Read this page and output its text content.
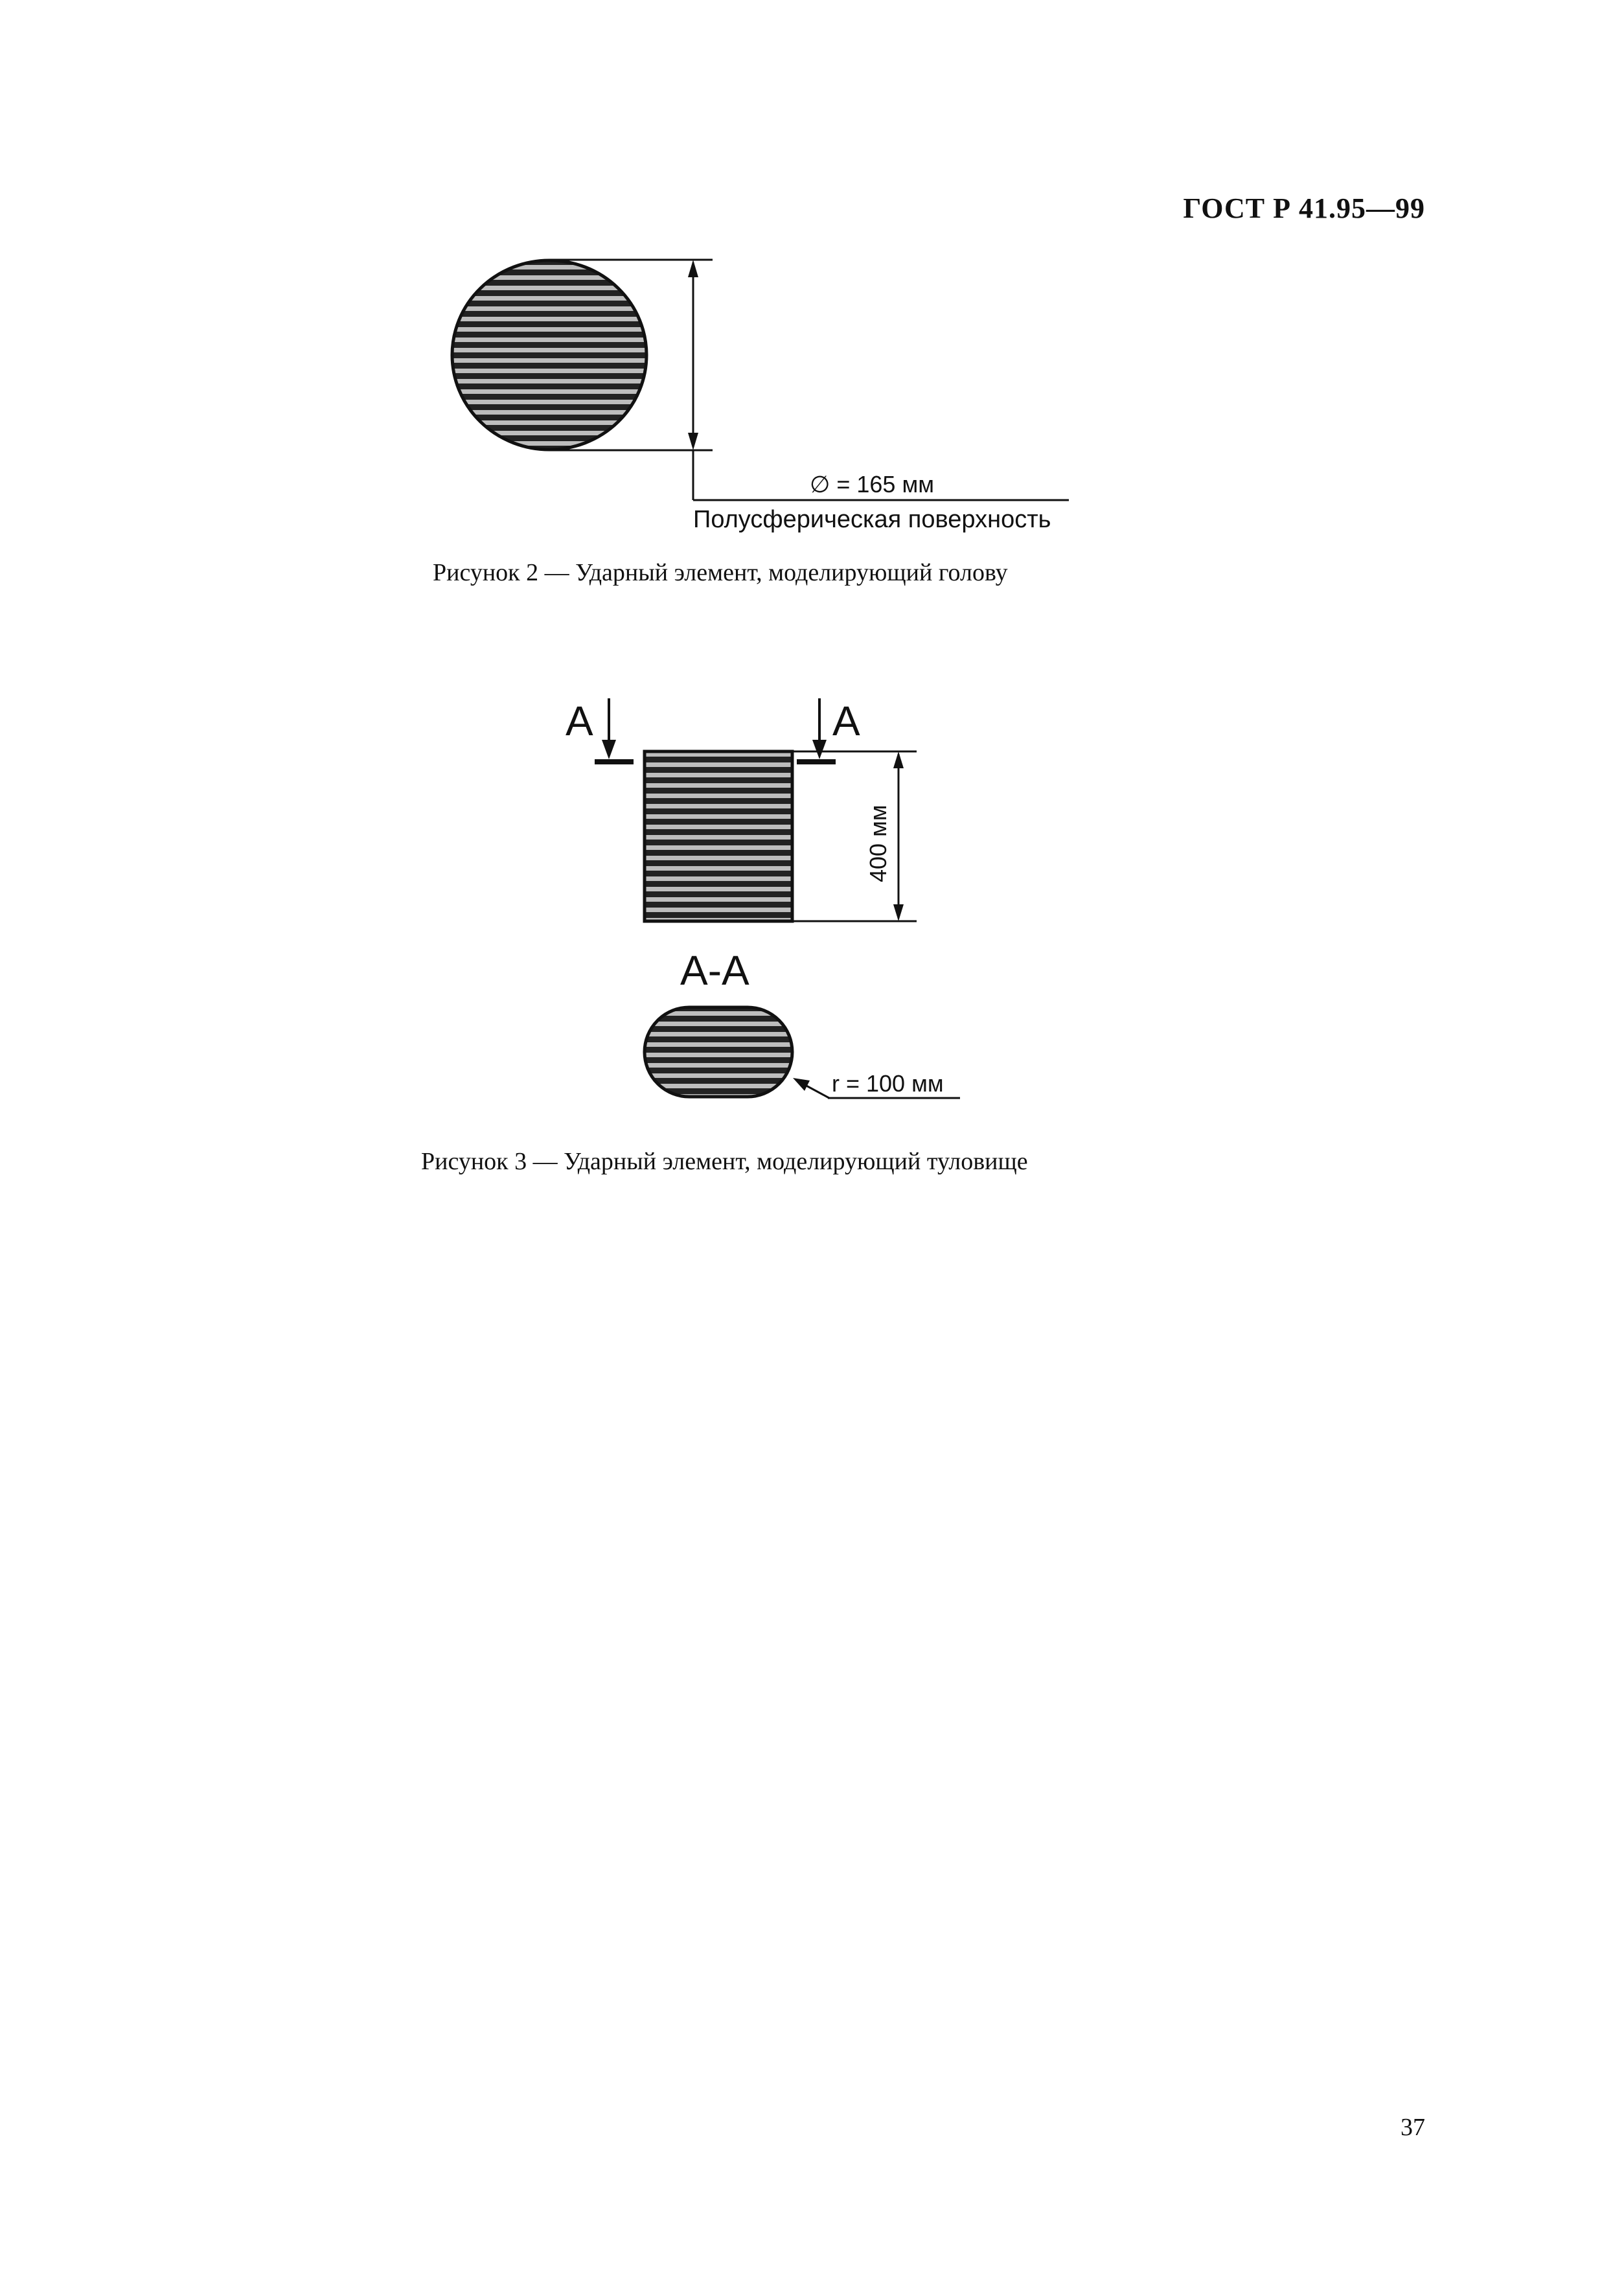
ГОСТ Р 41.95—99
∅ = 165 мм
Полусферическая поверхность
A	A
400 мм
A-A
r = 100 мм
Рисунок 2 — Ударный элемент, моделирующий голову
Рисунок 3 — Ударный элемент, моделирующий туловище
37
